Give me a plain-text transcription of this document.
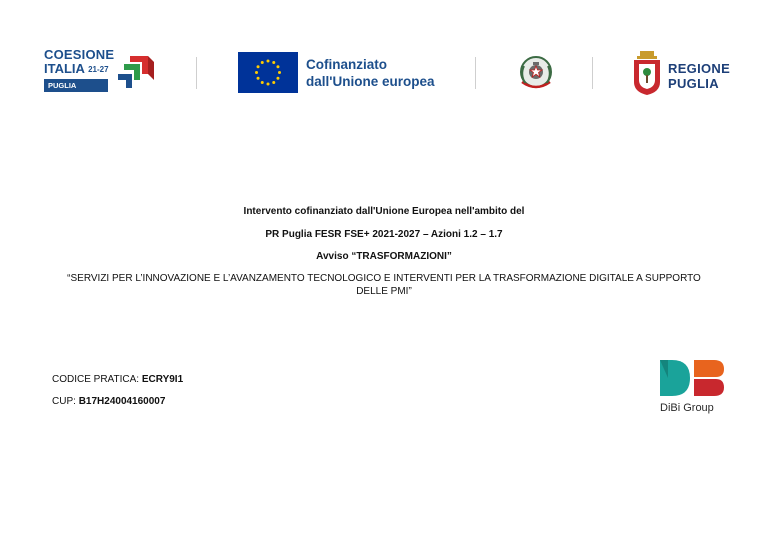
COESIONE
ITALIA $^{21-27}$
PUGLIA
Cofinanziato
dall'Unione europea
REGIONE
PUGLIA
Intervento cofinanziato dall'Unione Europea nell'ambito del
PR Puglia FESR FSE+ 2021-2027 – Azioni 1.2 – 1.7
Avviso “TRASFORMAZIONI”
“SERVIZI PER L’INNOVAZIONE E L’AVANZAMENTO TECNOLOGICO E INTERVENTI PER LA TRASFORMAZIONE DIGITALE A SUPPORTO DELLE PMI”
CODICE PRATICA: ECRY9I1
CUP: B17H24004160007
DiBi Group
